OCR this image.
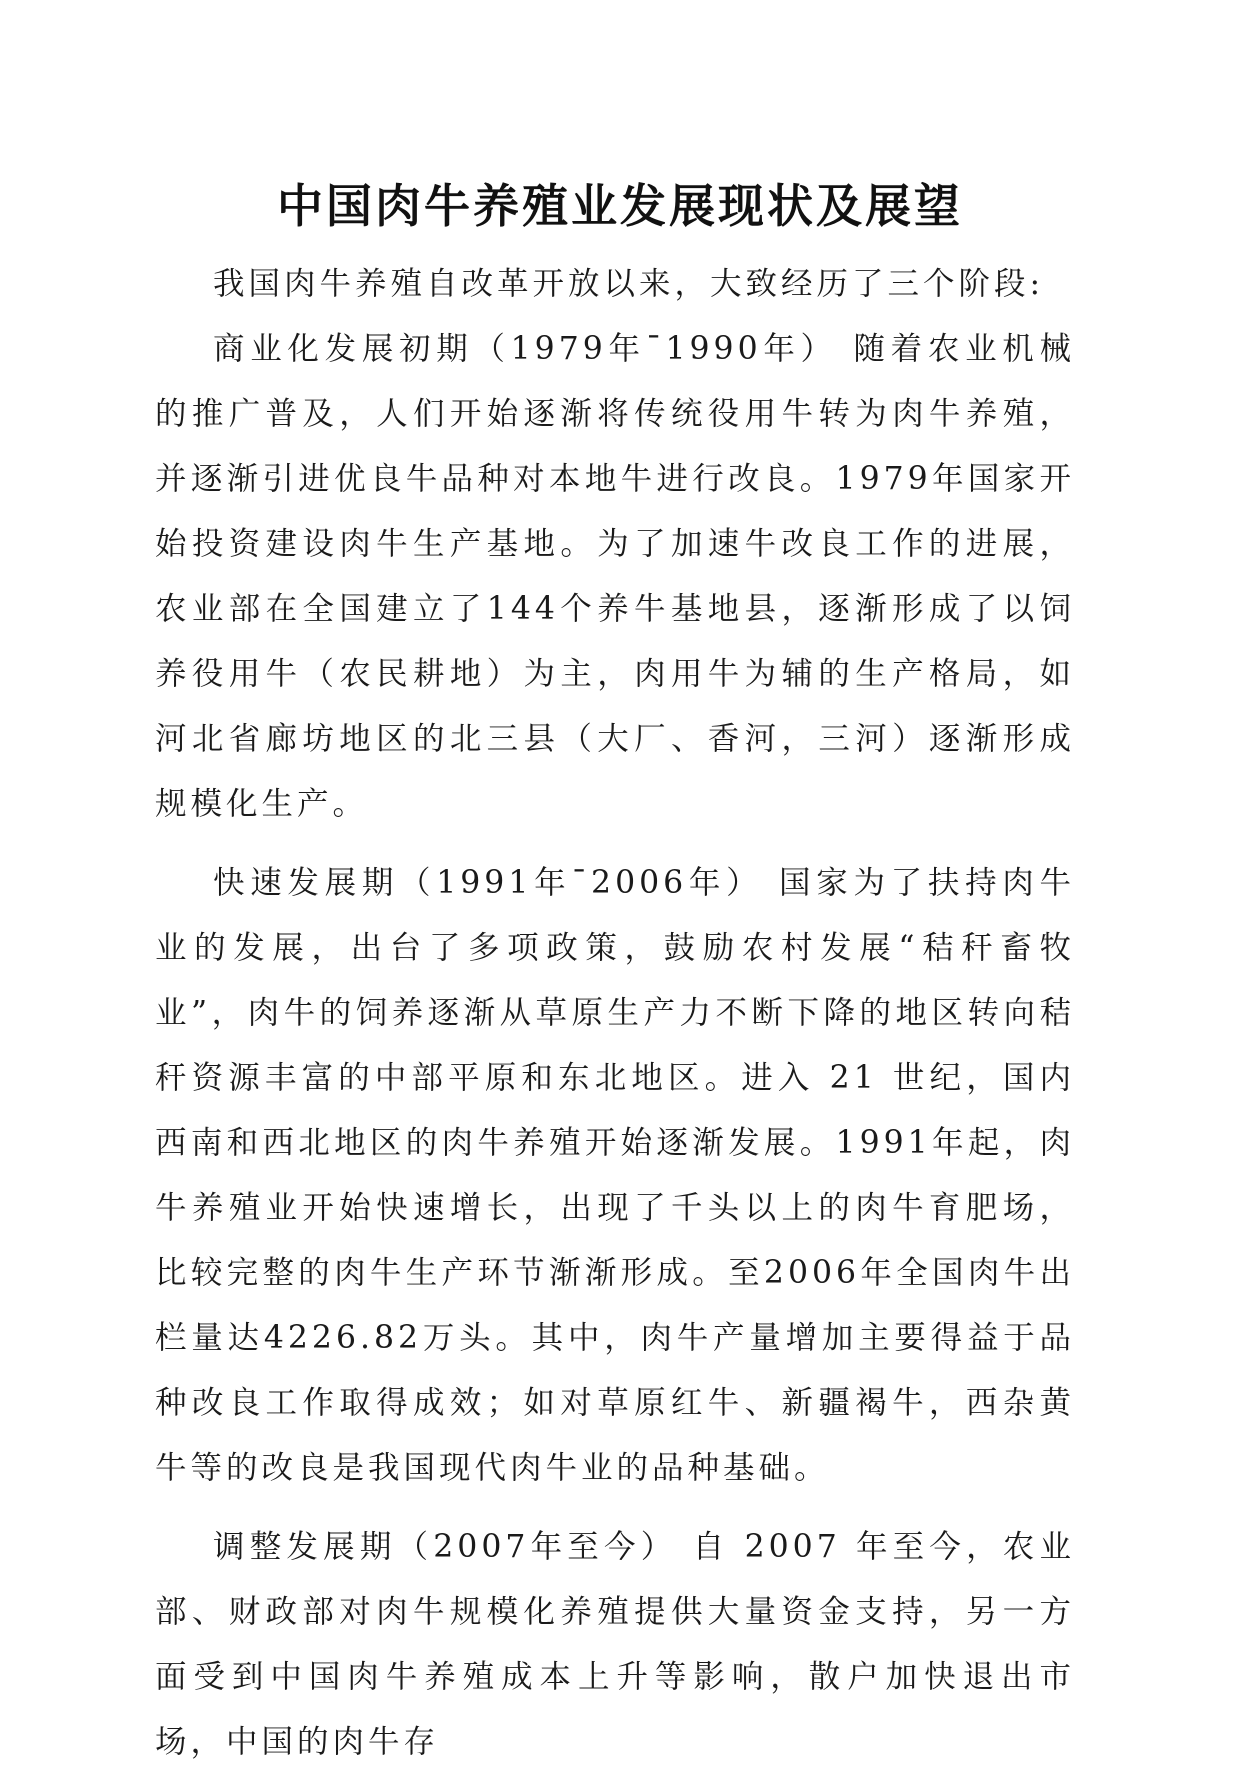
中国肉牛养殖业发展现状及展望

我国肉牛养殖自改革开放以来，大致经历了三个阶段:

商业化发展初期（1979年¯1990年） 随着农业机械的推广普及，人们开始逐渐将传统役用牛转为肉牛养殖，并逐渐引进优良牛品种对本地牛进行改良。1979年国家开始投资建设肉牛生产基地。为了加速牛改良工作的进展，农业部在全国建立了144个养牛基地县，逐渐形成了以饲养役用牛（农民耕地）为主，肉用牛为辅的生产格局，如河北省廊坊地区的北三县（大厂、香河，三河）逐渐形成规模化生产。

快速发展期（1991年¯2006年） 国家为了扶持肉牛业的发展，出台了多项政策，鼓励农村发展“秸秆畜牧业”，肉牛的饲养逐渐从草原生产力不断下降的地区转向秸秆资源丰富的中部平原和东北地区。进入 21 世纪，国内西南和西北地区的肉牛养殖开始逐渐发展。1991年起，肉牛养殖业开始快速增长，出现了千头以上的肉牛育肥场，比较完整的肉牛生产环节渐渐形成。至2006年全国肉牛出栏量达4226.82万头。其中，肉牛产量增加主要得益于品种改良工作取得成效；如对草原红牛、新疆褐牛，西杂黄牛等的改良是我国现代肉牛业的品种基础。

调整发展期（2007年至今） 自 2007 年至今，农业部、财政部对肉牛规模化养殖提供大量资金支持，另一方面受到中国肉牛养殖成本上升等影响，散户加快退出市场，中国的肉牛存
